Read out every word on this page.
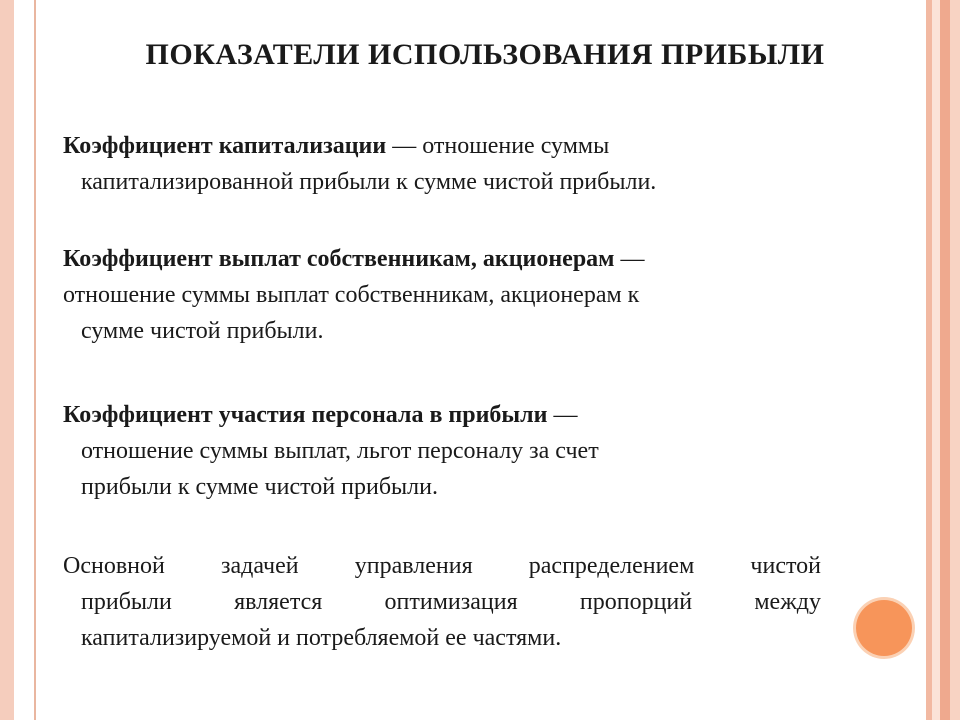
ПОКАЗАТЕЛИ ИСПОЛЬЗОВАНИЯ ПРИБЫЛИ
Коэффициент капитализации — отношение суммы
капитализированной прибыли к сумме чистой прибыли.
Коэффициент выплат собственникам, акционерам —
отношение суммы выплат собственникам, акционерам к
сумме чистой прибыли.
Коэффициент участия персонала в прибыли —
отношение суммы выплат, льгот персоналу за счет
прибыли к сумме чистой прибыли.
Основной задачей управления распределением чистой
прибыли является оптимизация пропорций между
капитализируемой и потребляемой ее частями.
